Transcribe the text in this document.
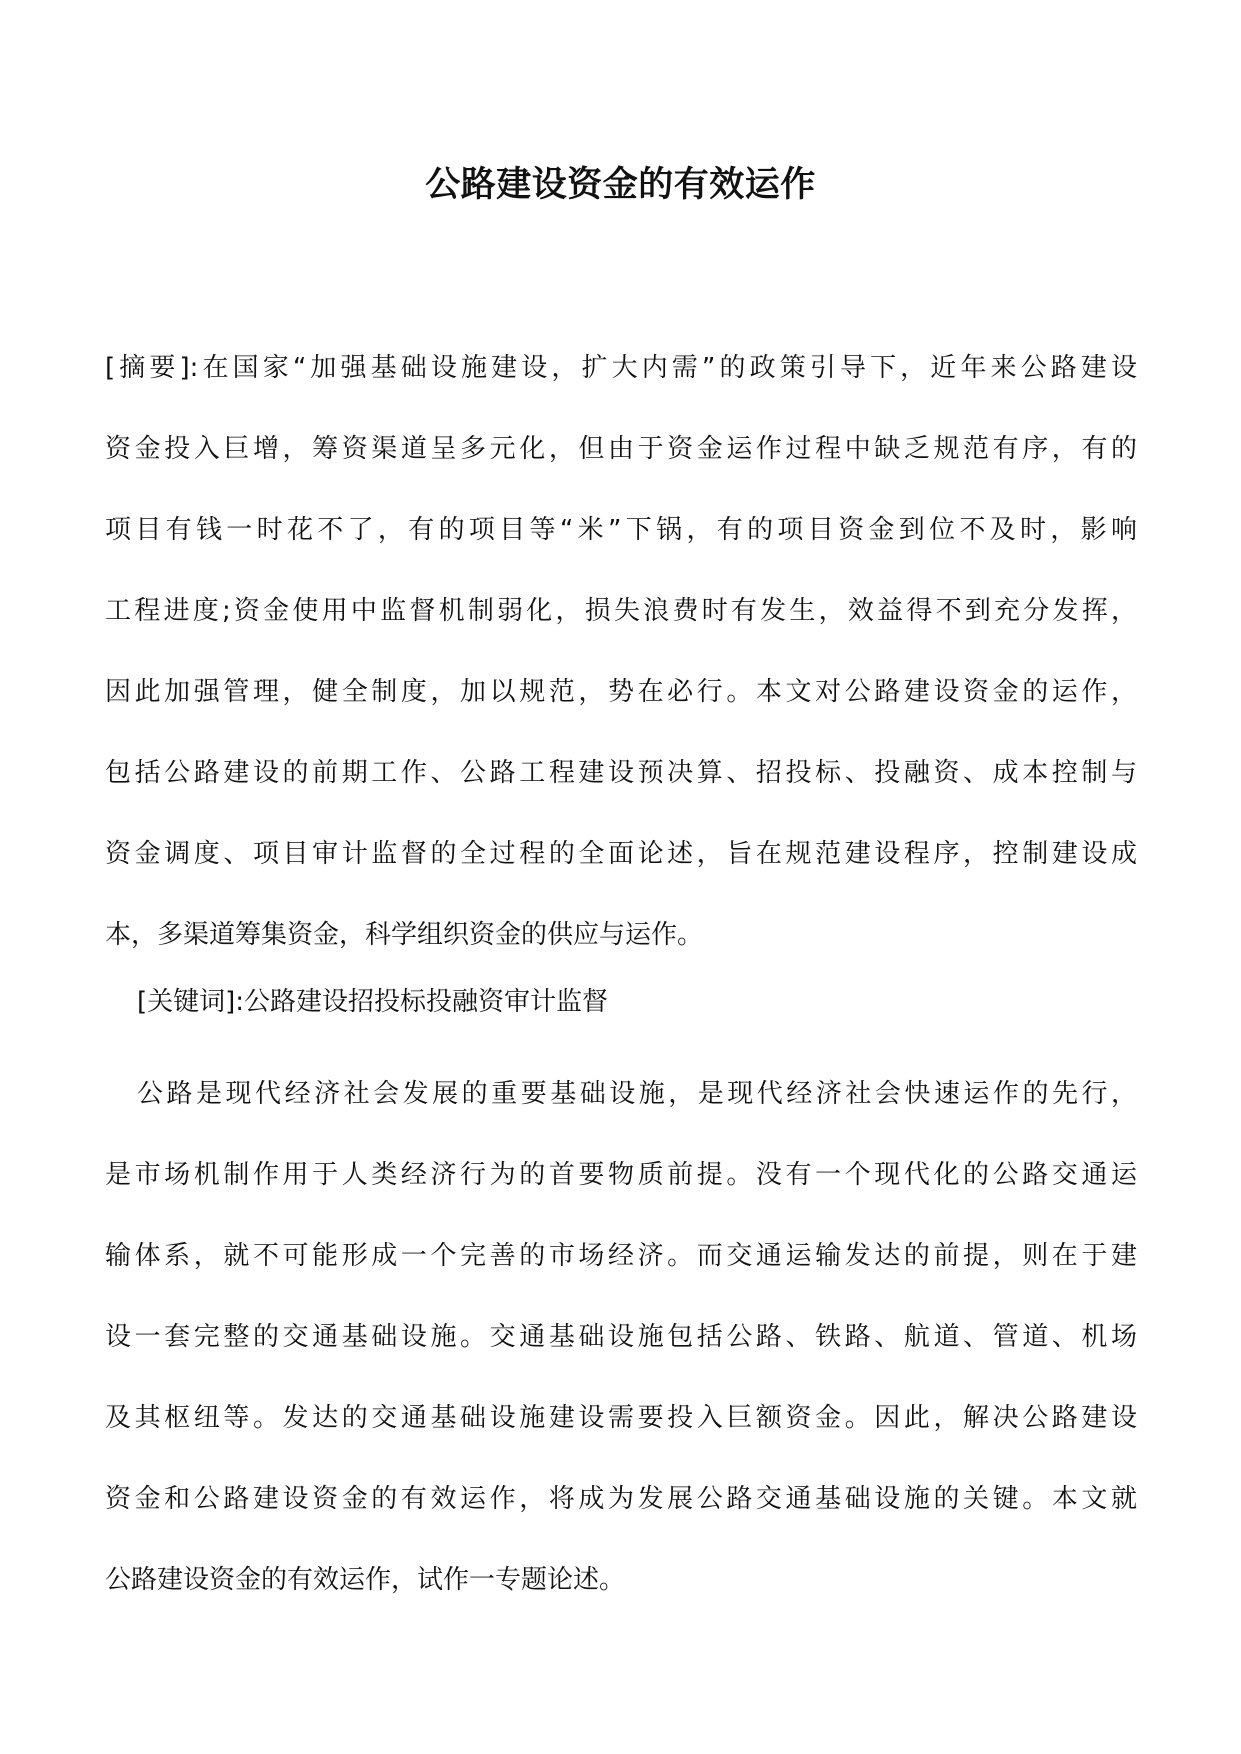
公路建设资金的有效运作
[摘要]:在国家“加强基础设施建设，扩大内需”的政策引导下，近年来公路建设
资金投入巨增，筹资渠道呈多元化，但由于资金运作过程中缺乏规范有序，有的
项目有钱一时花不了，有的项目等“米”下锅，有的项目资金到位不及时，影响
工程进度;资金使用中监督机制弱化，损失浪费时有发生，效益得不到充分发挥，
因此加强管理，健全制度，加以规范，势在必行。本文对公路建设资金的运作，
包括公路建设的前期工作、公路工程建设预决算、招投标、投融资、成本控制与
资金调度、项目审计监督的全过程的全面论述，旨在规范建设程序，控制建设成
本，多渠道筹集资金，科学组织资金的供应与运作。

[关键词]:公路建设招投标投融资审计监督

公路是现代经济社会发展的重要基础设施，是现代经济社会快速运作的先行，
是市场机制作用于人类经济行为的首要物质前提。没有一个现代化的公路交通运
输体系，就不可能形成一个完善的市场经济。而交通运输发达的前提，则在于建
设一套完整的交通基础设施。交通基础设施包括公路、铁路、航道、管道、机场
及其枢纽等。发达的交通基础设施建设需要投入巨额资金。因此，解决公路建设
资金和公路建设资金的有效运作，将成为发展公路交通基础设施的关键。本文就
公路建设资金的有效运作，试作一专题论述。
